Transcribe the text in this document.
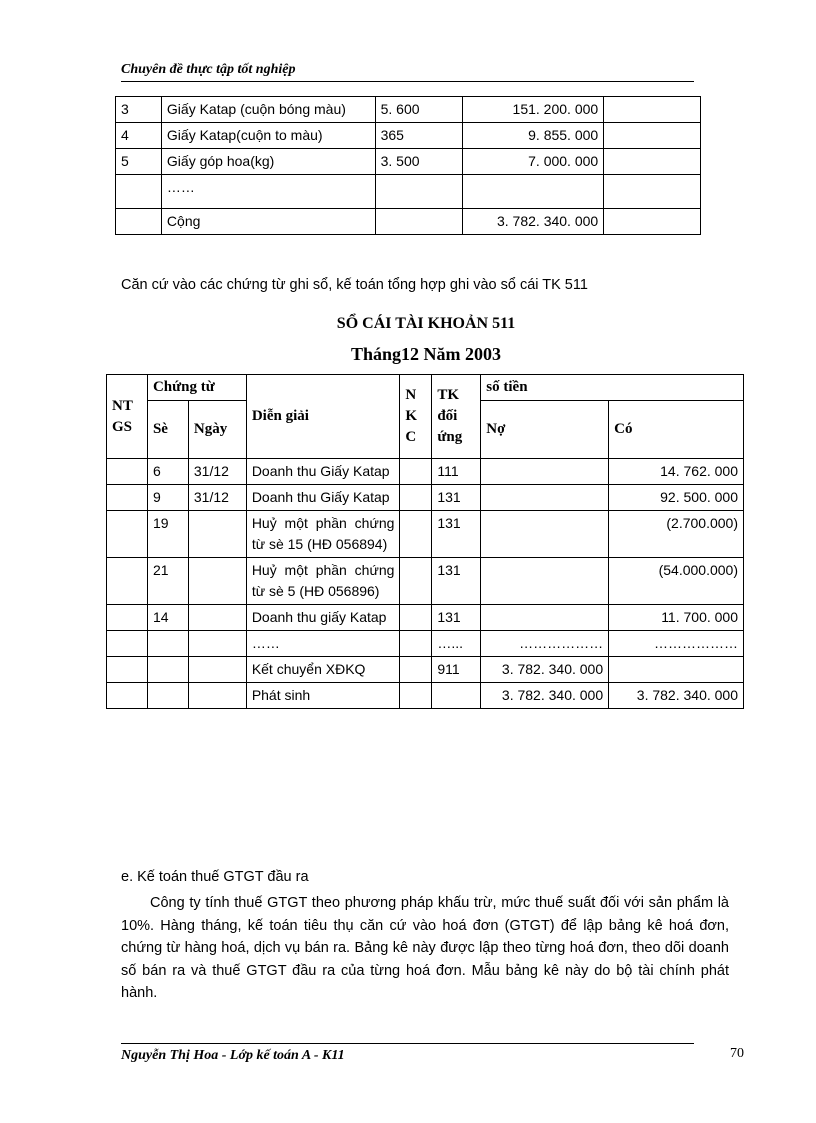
Chuyên đề thực tập tốt nghiệp
3	Giấy Katap (cuộn bóng màu)	5. 600	151. 200. 000	
4	Giấy Katap(cuộn to màu)	365	9. 855. 000	
5	Giấy góp hoa(kg)	3. 500	7. 000. 000	
	……			
	Cộng		3. 782. 340. 000	
Căn cứ vào các chứng từ ghi sổ, kế toán tổng hợp ghi vào sổ cái TK 511
SỔ CÁI TÀI KHOẢN 511
Tháng12 Năm 2003
NT GS	Chứng từ		Diễn giải	N K C	TK đối ứng	số tiền	
	Sè	Ngày				Nợ	Có
	6	31/12	Doanh thu Giấy Katap		111		14. 762. 000
	9	31/12	Doanh thu Giấy Katap		131		92. 500. 000
	19		Huỷ một phần chứng từ sè 15 (HĐ 056894)		131		(2.700.000)
	21		Huỷ một phần chứng từ sè 5 (HĐ 056896)		131		(54.000.000)
	14		Doanh thu giấy Katap		131		11. 700. 000
			……		…...	………………	………………
			Kết chuyển XĐKQ		911	3. 782. 340. 000	
			Phát sinh			3. 782. 340. 000	3. 782. 340. 000
e. Kế toán thuế GTGT đầu ra
Công ty tính thuế GTGT theo phương pháp khấu trừ, mức thuế suất đối với sản phẩm là 10%. Hàng tháng, kế toán tiêu thụ căn cứ vào hoá đơn (GTGT) để lập bảng kê hoá đơn, chứng từ hàng hoá, dịch vụ bán ra. Bảng kê này được lập theo từng hoá đơn, theo dõi doanh số bán ra và thuế GTGT đầu ra của từng hoá đơn. Mẫu bảng kê này do bộ tài chính phát hành.
Nguyễn Thị Hoa - Lớp kế toán A - K11	70
